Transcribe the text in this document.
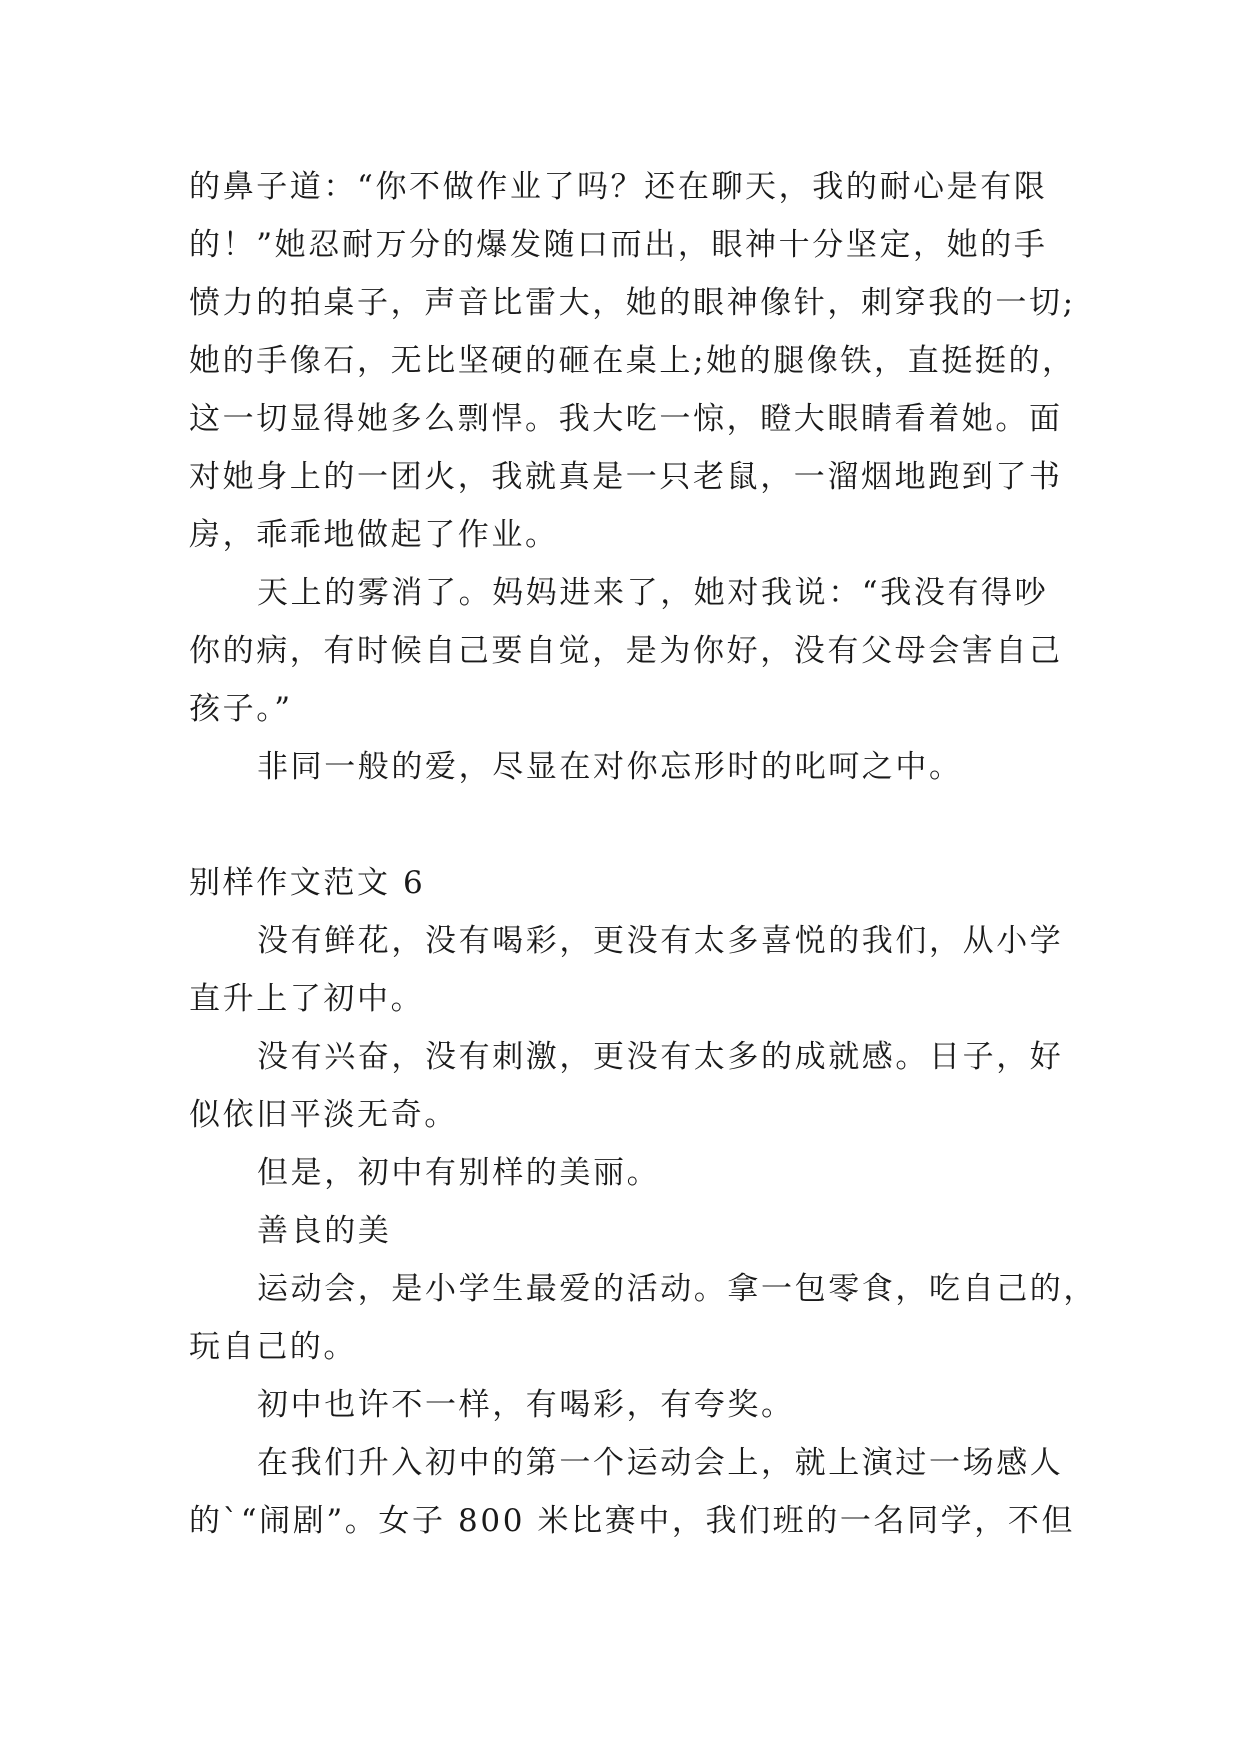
的鼻子道：“你不做作业了吗？还在聊天，我的耐心是有限
的！”她忍耐万分的爆发随口而出，眼神十分坚定，她的手
愤力的拍桌子，声音比雷大，她的眼神像针，刺穿我的一切;
她的手像石，无比坚硬的砸在桌上;她的腿像铁，直挺挺的，
这一切显得她多么剽悍。我大吃一惊，瞪大眼睛看着她。面
对她身上的一团火，我就真是一只老鼠，一溜烟地跑到了书
房，乖乖地做起了作业。
天上的雾消了。妈妈进来了，她对我说：“我没有得吵
你的病，有时候自己要自觉，是为你好，没有父母会害自己
孩子。”
非同一般的爱，尽显在对你忘形时的叱呵之中。
别样作文范文 6
没有鲜花，没有喝彩，更没有太多喜悦的我们，从小学
直升上了初中。
没有兴奋，没有刺激，更没有太多的成就感。日子，好
似依旧平淡无奇。
但是，初中有别样的美丽。
善良的美
运动会，是小学生最爱的活动。拿一包零食，吃自己的，
玩自己的。
初中也许不一样，有喝彩，有夸奖。
在我们升入初中的第一个运动会上，就上演过一场感人
的`“闹剧”。女子 800 米比赛中，我们班的一名同学，不但
